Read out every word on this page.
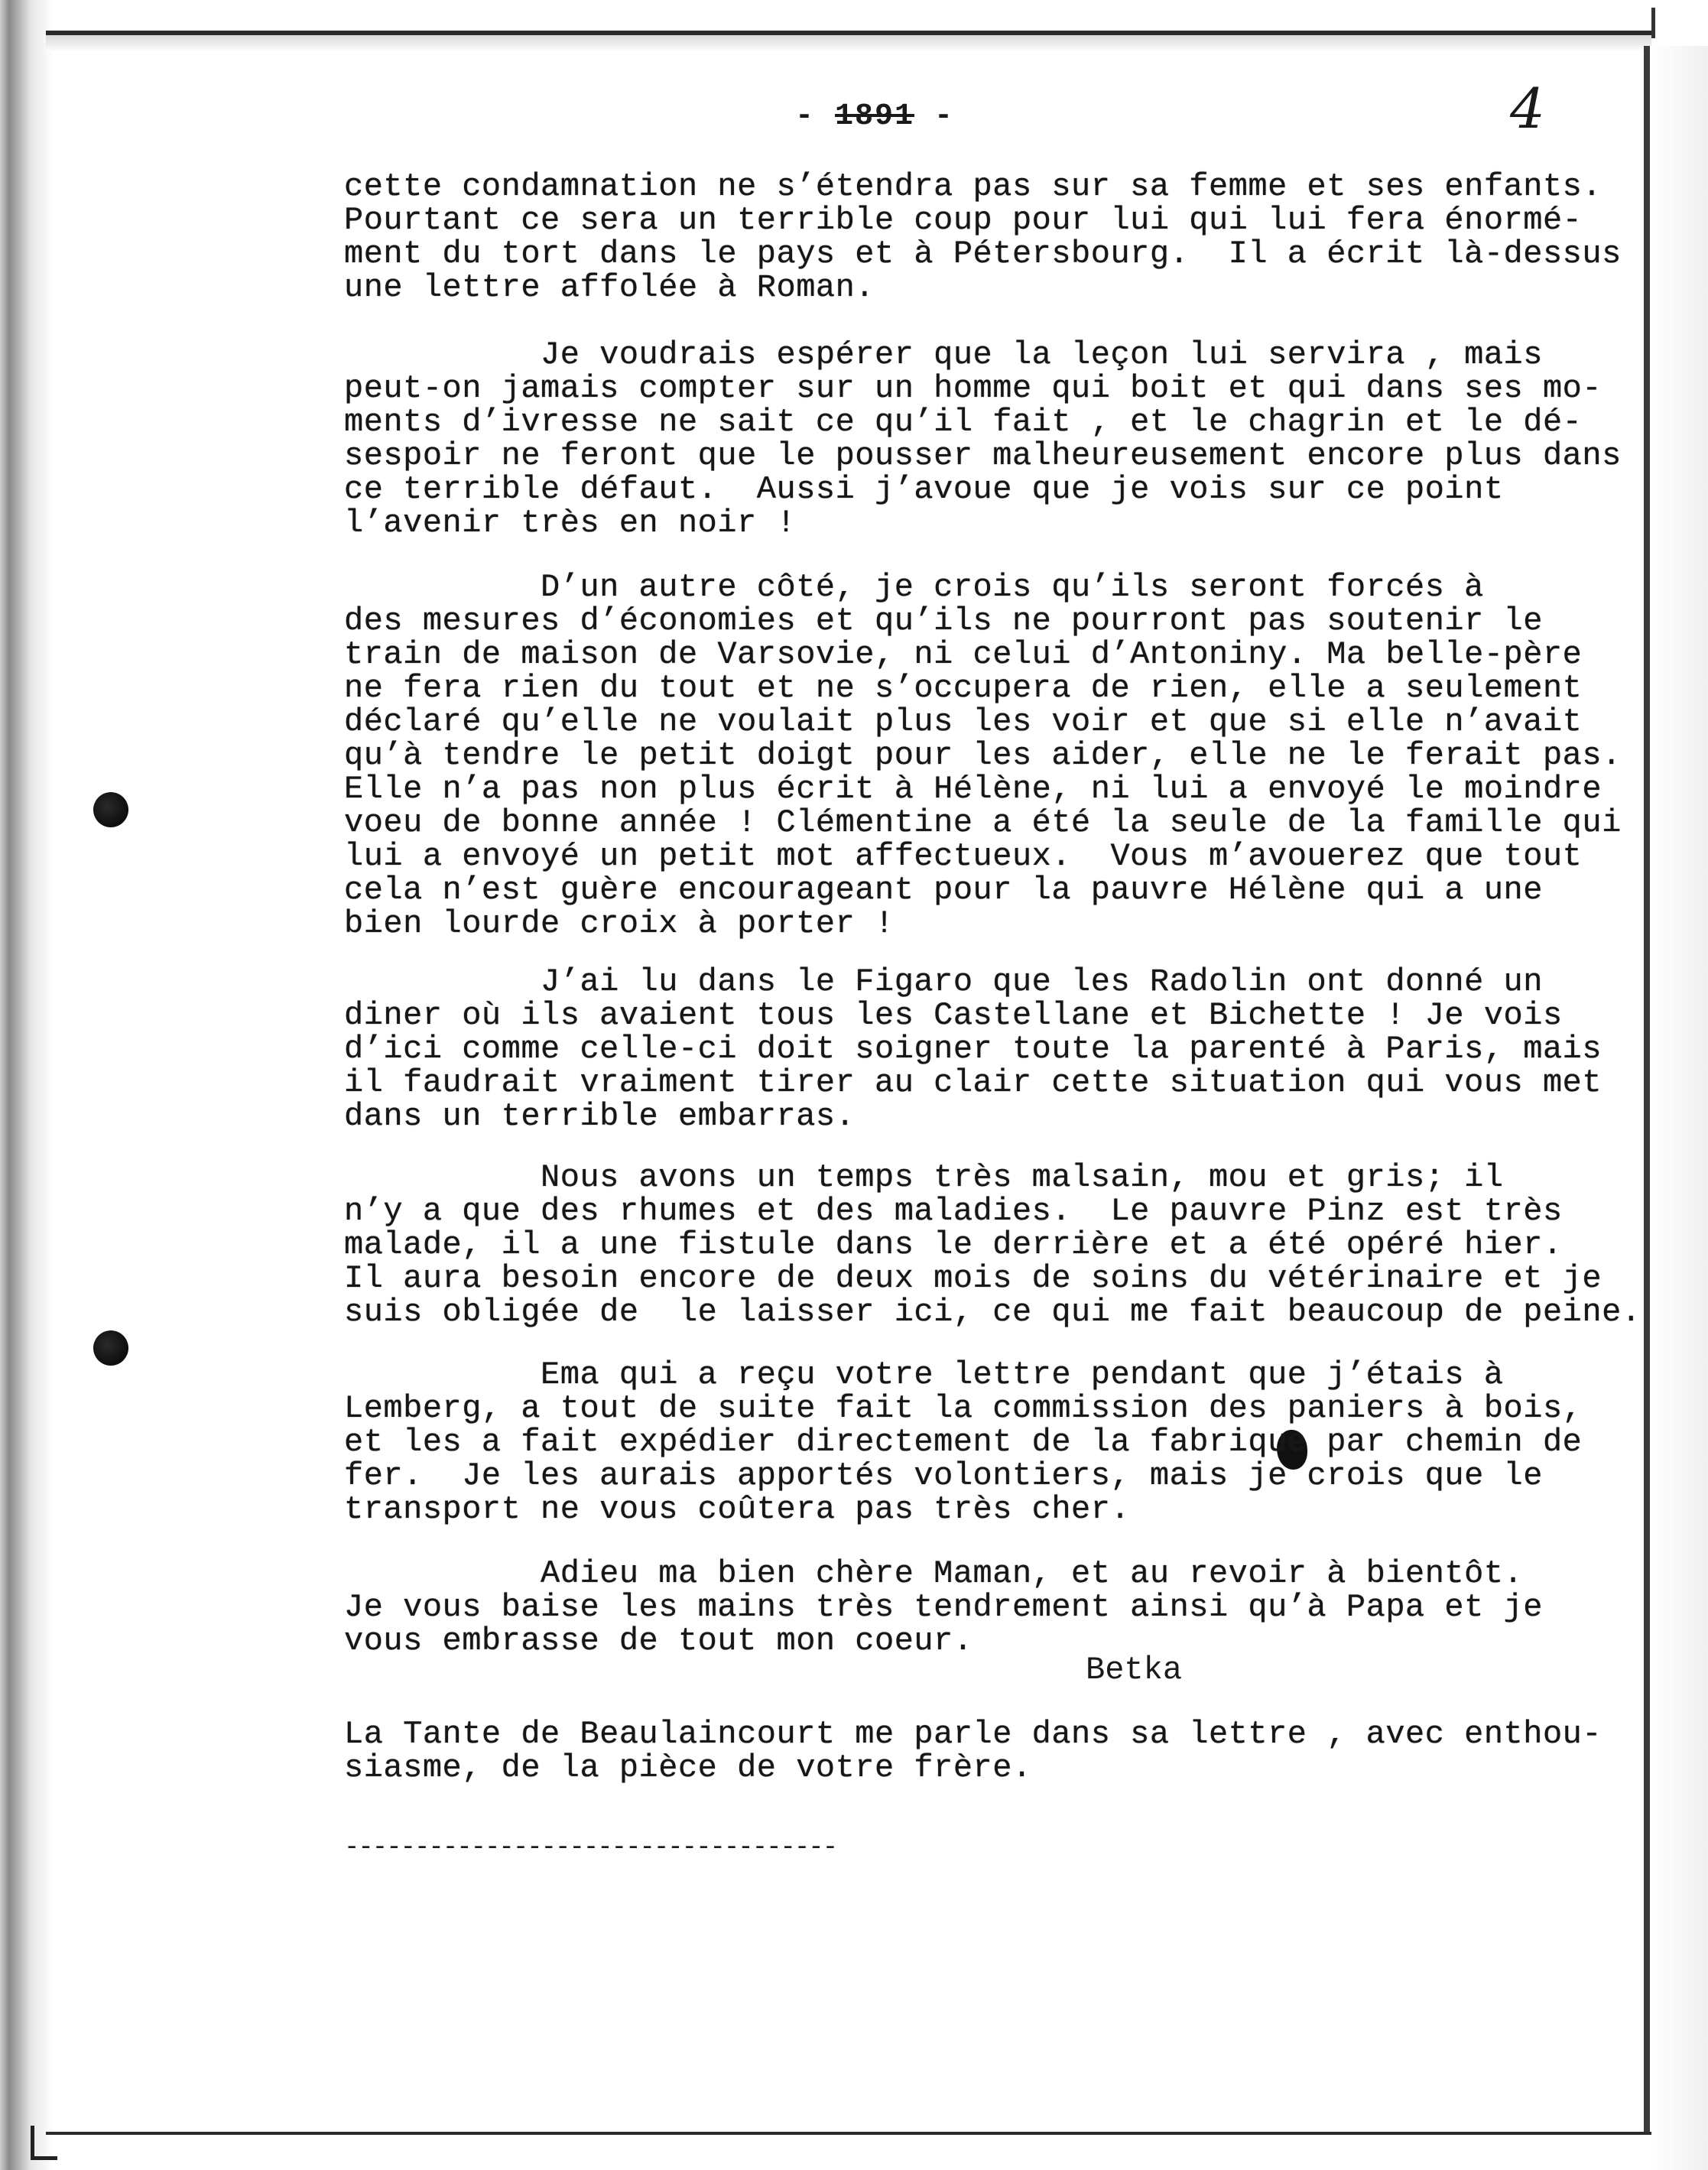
- 1891 -	4
cette condamnation ne s’étendra pas sur sa femme et ses enfants.
Pourtant ce sera un terrible coup pour lui qui lui fera énormé-
ment du tort dans le pays et à Pétersbourg.  Il a écrit là-dessus
une lettre affolée à Roman.
Je voudrais espérer que la leçon lui servira , mais
peut-on jamais compter sur un homme qui boit et qui dans ses mo-
ments d’ivresse ne sait ce qu’il fait , et le chagrin et le dé-
sespoir ne feront que le pousser malheureusement encore plus dans
ce terrible défaut.  Aussi j’avoue que je vois sur ce point
l’avenir très en noir !
D’un autre côté, je crois qu’ils seront forcés à
des mesures d’économies et qu’ils ne pourront pas soutenir le
train de maison de Varsovie, ni celui d’Antoniny. Ma belle-père
ne fera rien du tout et ne s’occupera de rien, elle a seulement
déclaré qu’elle ne voulait plus les voir et que si elle n’avait
qu’à tendre le petit doigt pour les aider, elle ne le ferait pas.
Elle n’a pas non plus écrit à Hélène, ni lui a envoyé le moindre
voeu de bonne année ! Clémentine a été la seule de la famille qui
lui a envoyé un petit mot affectueux.  Vous m’avouerez que tout
cela n’est guère encourageant pour la pauvre Hélène qui a une
bien lourde croix à porter !
J’ai lu dans le Figaro que les Radolin ont donné un
diner où ils avaient tous les Castellane et Bichette ! Je vois
d’ici comme celle-ci doit soigner toute la parenté à Paris, mais
il faudrait vraiment tirer au clair cette situation qui vous met
dans un terrible embarras.
Nous avons un temps très malsain, mou et gris; il
n’y a que des rhumes et des maladies.  Le pauvre Pinz est très
malade, il a une fistule dans le derrière et a été opéré hier.
Il aura besoin encore de deux mois de soins du vétérinaire et je
suis obligée de  le laisser ici, ce qui me fait beaucoup de peine.
Ema qui a reçu votre lettre pendant que j’étais à
Lemberg, a tout de suite fait la commission des paniers à bois,
et les a fait expédier directement de la fabrique par chemin de
fer.  Je les aurais apportés volontiers, mais je crois que le
transport ne vous coûtera pas très cher.
Adieu ma bien chère Maman, et au revoir à bientôt.
Je vous baise les mains très tendrement ainsi qu’à Papa et je
vous embrasse de tout mon coeur.
Betka
La Tante de Beaulaincourt me parle dans sa lettre , avec enthou-
siasme, de la pièce de votre frère.
-----------------------------------
